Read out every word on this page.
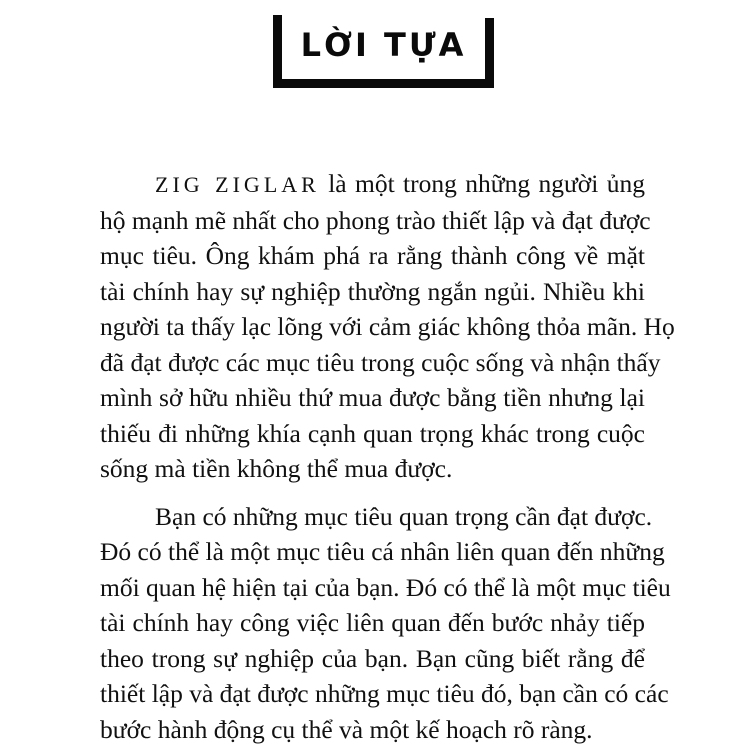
LỜI TỰA

ZIG ZIGLAR là một trong những người ủng
hộ mạnh mẽ nhất cho phong trào thiết lập và đạt được
mục tiêu. Ông khám phá ra rằng thành công về mặt
tài chính hay sự nghiệp thường ngắn ngủi. Nhiều khi
người ta thấy lạc lõng với cảm giác không thỏa mãn. Họ
đã đạt được các mục tiêu trong cuộc sống và nhận thấy
mình sở hữu nhiều thứ mua được bằng tiền nhưng lại
thiếu đi những khía cạnh quan trọng khác trong cuộc
sống mà tiền không thể mua được.

Bạn có những mục tiêu quan trọng cần đạt được.
Đó có thể là một mục tiêu cá nhân liên quan đến những
mối quan hệ hiện tại của bạn. Đó có thể là một mục tiêu
tài chính hay công việc liên quan đến bước nhảy tiếp
theo trong sự nghiệp của bạn. Bạn cũng biết rằng để
thiết lập và đạt được những mục tiêu đó, bạn cần có các
bước hành động cụ thể và một kế hoạch rõ ràng.
